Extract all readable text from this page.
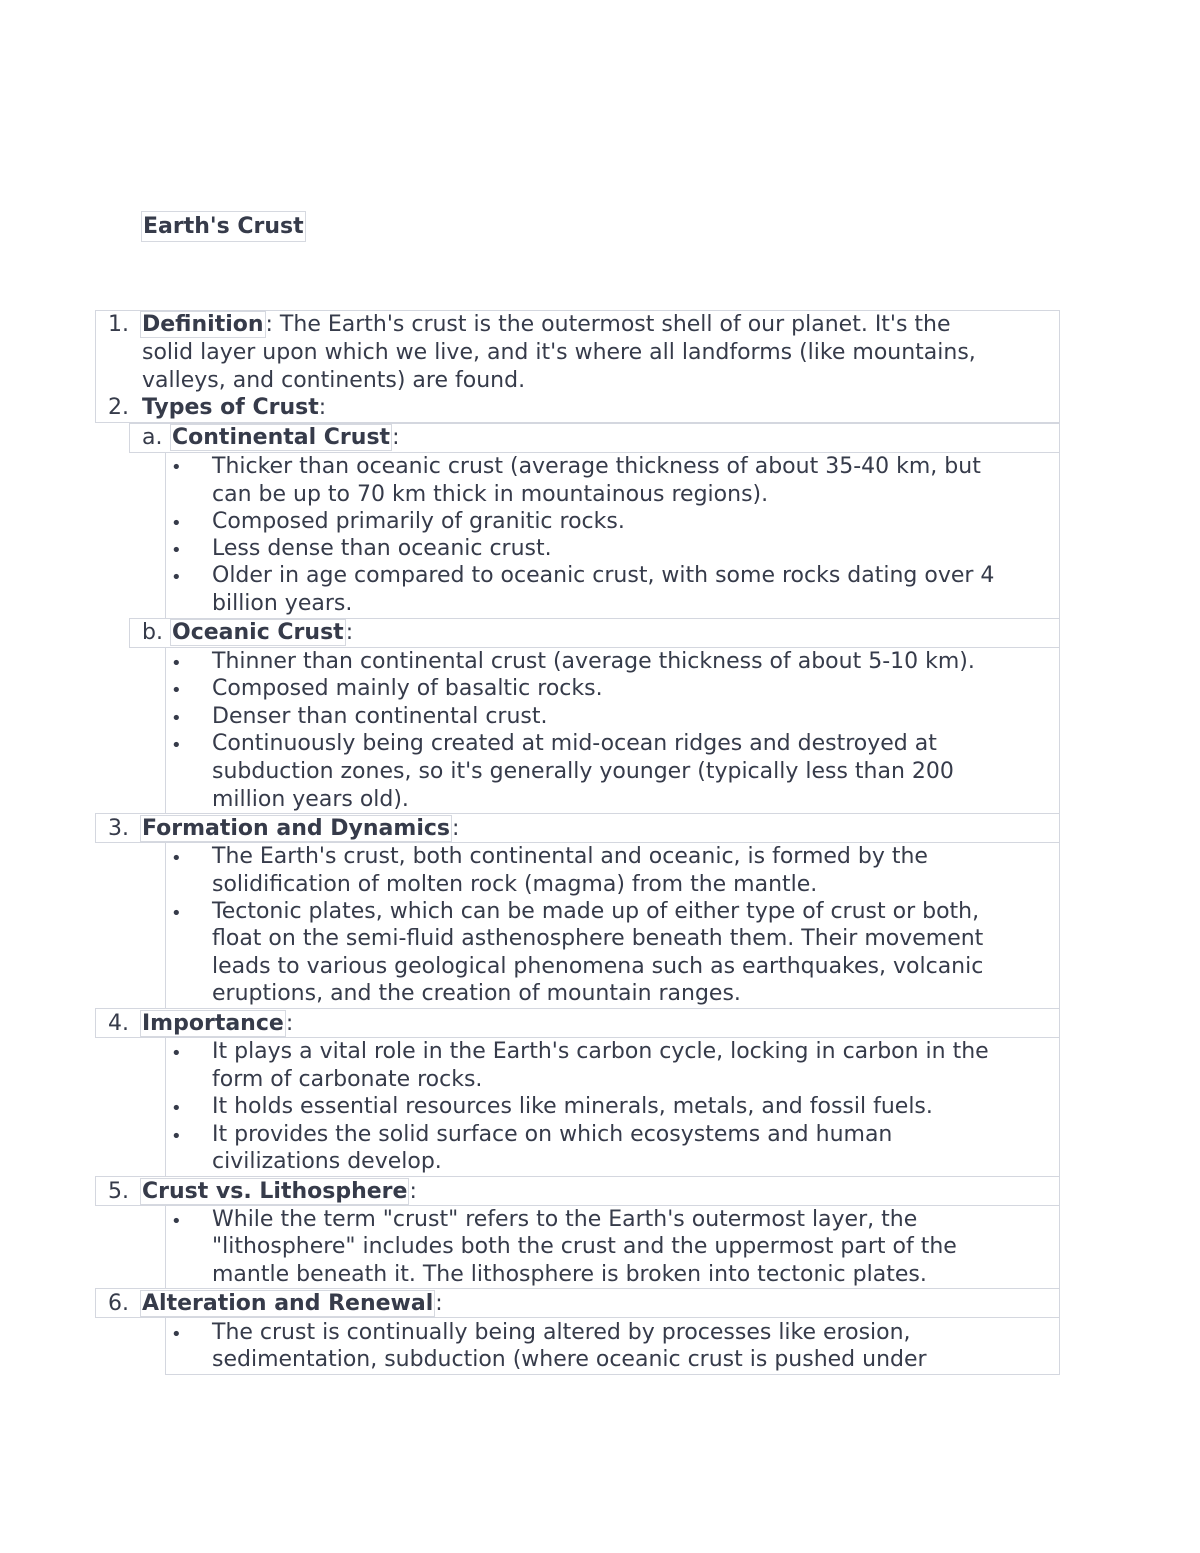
Earth's Crust
1. Definition: The Earth's crust is the outermost shell of our planet. It's the
solid layer upon which we live, and it's where all landforms (like mountains,
valleys, and continents) are found.
2. Types of Crust:
a. Continental Crust:
• Thicker than oceanic crust (average thickness of about 35-40 km, but
can be up to 70 km thick in mountainous regions).
• Composed primarily of granitic rocks.
• Less dense than oceanic crust.
• Older in age compared to oceanic crust, with some rocks dating over 4
billion years.
b. Oceanic Crust:
• Thinner than continental crust (average thickness of about 5-10 km).
• Composed mainly of basaltic rocks.
• Denser than continental crust.
• Continuously being created at mid-ocean ridges and destroyed at
subduction zones, so it's generally younger (typically less than 200
million years old).
3. Formation and Dynamics:
• The Earth's crust, both continental and oceanic, is formed by the
solidification of molten rock (magma) from the mantle.
• Tectonic plates, which can be made up of either type of crust or both,
float on the semi-fluid asthenosphere beneath them. Their movement
leads to various geological phenomena such as earthquakes, volcanic
eruptions, and the creation of mountain ranges.
4. Importance:
• It plays a vital role in the Earth's carbon cycle, locking in carbon in the
form of carbonate rocks.
• It holds essential resources like minerals, metals, and fossil fuels.
• It provides the solid surface on which ecosystems and human
civilizations develop.
5. Crust vs. Lithosphere:
• While the term "crust" refers to the Earth's outermost layer, the
"lithosphere" includes both the crust and the uppermost part of the
mantle beneath it. The lithosphere is broken into tectonic plates.
6. Alteration and Renewal:
• The crust is continually being altered by processes like erosion,
sedimentation, subduction (where oceanic crust is pushed under
